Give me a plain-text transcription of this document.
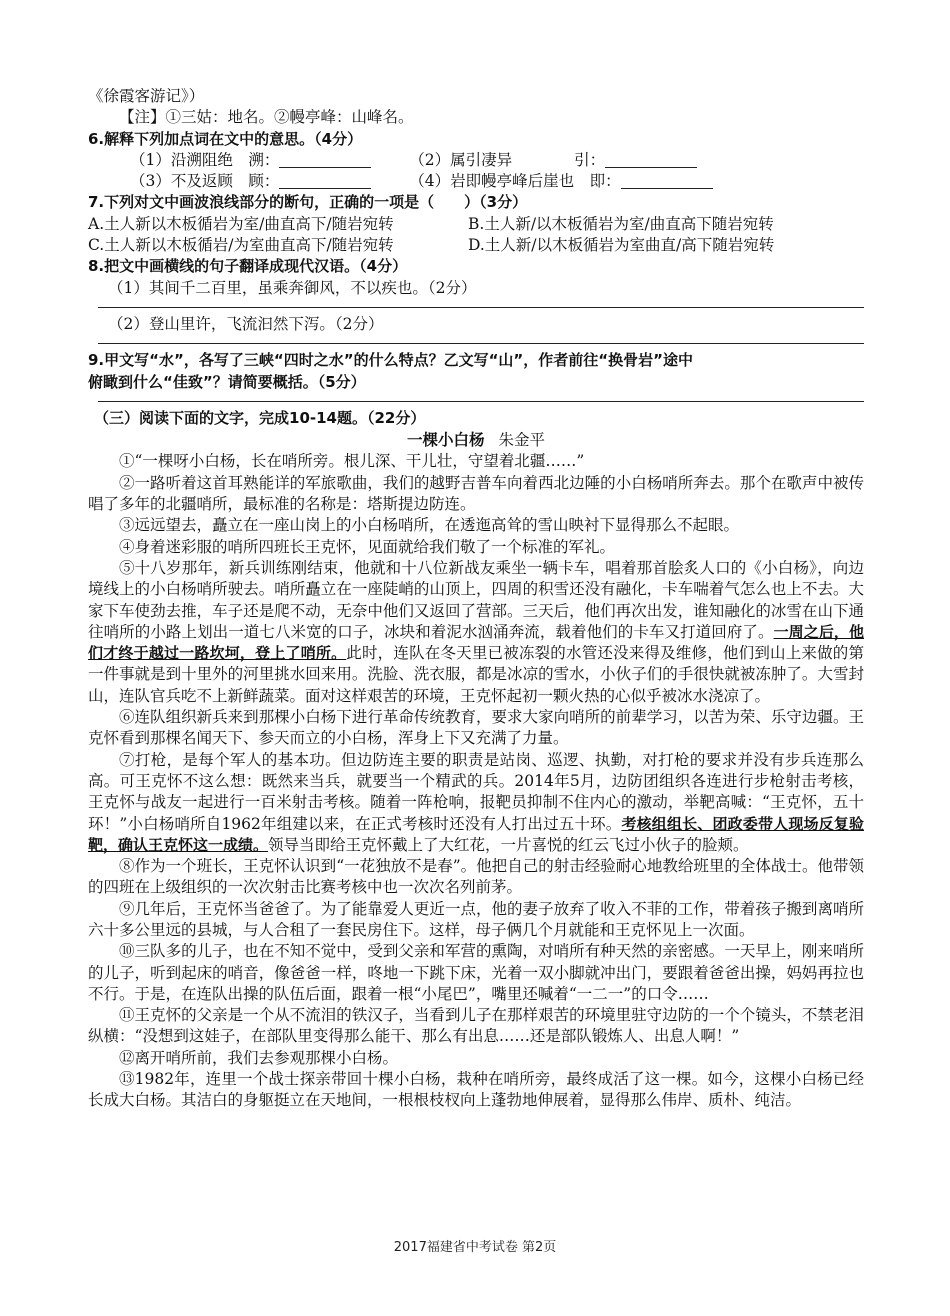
《徐霞客游记》）

【注】①三姑：地名。②幔亭峰：山峰名。

6.解释下列加点词在文中的意思。（4分）

（1）沿溯阻绝　溯：	（2）属引凄异　　　　引：

（3）不及返顾　顾：	（4）岩即幔亭峰后崖也　即：

7.下列对文中画波浪线部分的断句，正确的一项是（　　）（3分）

A.土人新以木板循岩为室/曲直高下/随岩宛转	B.土人新/以木板循岩为室/曲直高下随岩宛转

C.土人新以木板循岩/为室曲直高下/随岩宛转	D.土人新/以木板循岩为室曲直/高下随岩宛转

8.把文中画横线的句子翻译成现代汉语。（4分）

（1）其间千二百里，虽乘奔御风，不以疾也。（2分）

（2）登山里许，飞流汩然下泻。（2分）

9.甲文写“水”，各写了三峡“四时之水”的什么特点？乙文写“山”，作者前往“换骨岩”途中

俯瞰到什么“佳致”？请简要概括。（5分）

（三）阅读下面的文字，完成10-14题。（22分）

一棵小白杨 朱金平

①“一棵呀小白杨，长在哨所旁。根儿深、干儿壮，守望着北疆……”

②一路听着这首耳熟能详的军旅歌曲，我们的越野吉普车向着西北边陲的小白杨哨所奔去。那个在歌声中被传唱了多年的北疆哨所，最标准的名称是：塔斯提边防连。

③远远望去，矗立在一座山岗上的小白杨哨所，在透迤高耸的雪山映衬下显得那么不起眼。

④身着迷彩服的哨所四班长王克怀，见面就给我们敬了一个标准的军礼。

⑤十八岁那年，新兵训练刚结束，他就和十八位新战友乘坐一辆卡车，唱着那首脍炙人口的《小白杨》，向边境线上的小白杨哨所驶去。哨所矗立在一座陡峭的山顶上，四周的积雪还没有融化，卡车喘着气怎么也上不去。大家下车使劲去推，车子还是爬不动，无奈中他们又返回了营部。三天后，他们再次出发，谁知融化的冰雪在山下通往哨所的小路上划出一道七八米宽的口子，冰块和着泥水汹涌奔流，载着他们的卡车又打道回府了。一周之后，他们才终于越过一路坎坷，登上了哨所。此时，连队在冬天里已被冻裂的水管还没来得及维修，他们到山上来做的第一件事就是到十里外的河里挑水回来用。洗脸、洗衣服，都是冰凉的雪水，小伙子们的手很快就被冻肿了。大雪封山，连队官兵吃不上新鲜蔬菜。面对这样艰苦的环境，王克怀起初一颗火热的心似乎被冰水浇凉了。

⑥连队组织新兵来到那棵小白杨下进行革命传统教育，要求大家向哨所的前辈学习，以苦为荣、乐守边疆。王克怀看到那棵名闻天下、参天而立的小白杨，浑身上下又充满了力量。

⑦打枪，是每个军人的基本功。但边防连主要的职责是站岗、巡逻、执勤，对打枪的要求并没有步兵连那么高。可王克怀不这么想：既然来当兵，就要当一个精武的兵。2014年5月，边防团组织各连进行步枪射击考核，王克怀与战友一起进行一百米射击考核。随着一阵枪响，报靶员抑制不住内心的激动，举靶高喊：“王克怀，五十环！”小白杨哨所自1962年组建以来，在正式考核时还没有人打出过五十环。考核组组长、团政委带人现场反复验靶，确认王克怀这一成绩。领导当即给王克怀戴上了大红花，一片喜悦的红云飞过小伙子的脸颊。

⑧作为一个班长，王克怀认识到“一花独放不是春”。他把自己的射击经验耐心地教给班里的全体战士。他带领的四班在上级组织的一次次射击比赛考核中也一次次名列前茅。

⑨几年后，王克怀当爸爸了。为了能靠爱人更近一点，他的妻子放弃了收入不菲的工作，带着孩子搬到离哨所六十多公里远的县城，与人合租了一套民房住下。这样，母子俩几个月就能和王克怀见上一次面。

⑩三队多的儿子，也在不知不觉中，受到父亲和军营的熏陶，对哨所有种天然的亲密感。一天早上，刚来哨所的儿子，听到起床的哨音，像爸爸一样，咚地一下跳下床，光着一双小脚就冲出门，要跟着爸爸出操，妈妈再拉也不行。于是，在连队出操的队伍后面，跟着一根“小尾巴”，嘴里还喊着“一二一”的口令……

⑪王克怀的父亲是一个从不流泪的铁汉子，当看到儿子在那样艰苦的环境里驻守边防的一个个镜头，不禁老泪纵横：“没想到这娃子，在部队里变得那么能干、那么有出息……还是部队锻炼人、出息人啊！”

⑫离开哨所前，我们去参观那棵小白杨。

⑬1982年，连里一个战士探亲带回十棵小白杨，栽种在哨所旁，最终成活了这一棵。如今，这棵小白杨已经长成大白杨。其洁白的身躯挺立在天地间，一根根枝杈向上蓬勃地伸展着，显得那么伟岸、质朴、纯洁。

2017福建省中考试卷 第2页
